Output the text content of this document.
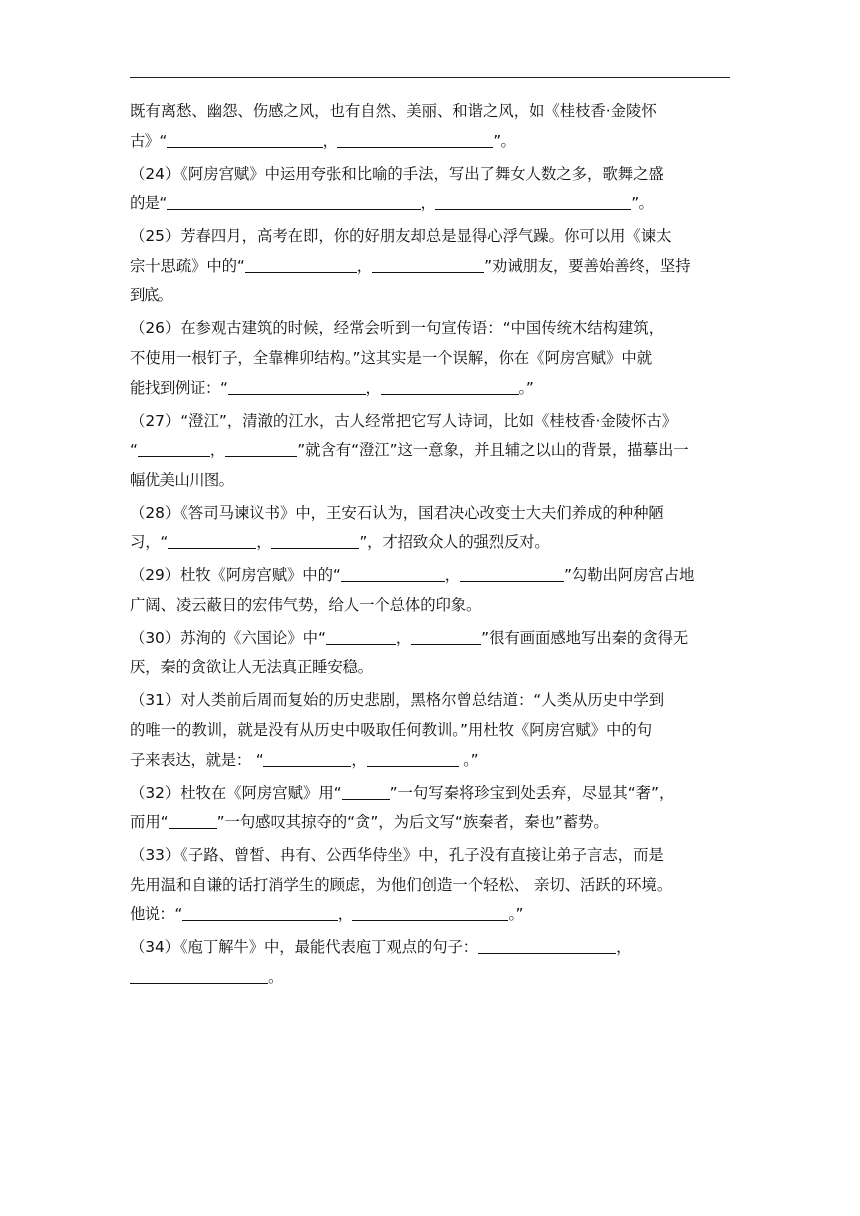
既有离愁、幽怨、伤感之风，也有自然、美丽、和谐之风，如《桂枝香·金陵怀
古》“	，	”。
（24）《阿房宫赋》中运用夸张和比喻的手法，写出了舞女人数之多，歌舞之盛
的是“	，	”。
（25）芳春四月，高考在即，你的好朋友却总是显得心浮气躁。你可以用《谏太
宗十思疏》中的“	，	”劝诫朋友，要善始善终，坚持
到底。
（26）在参观古建筑的时候，经常会听到一句宣传语：“中国传统木结构建筑，
不使用一根钉子，全靠榫卯结构。”这其实是一个误解，你在《阿房宫赋》中就
能找到例证：“	，	。”
（27）“澄江”，清澈的江水，古人经常把它写人诗词，比如《桂枝香·金陵怀古》
“	，	”就含有“澄江”这一意象，并且辅之以山的背景，描摹出一
幅优美山川图。
（28）《答司马谏议书》中，王安石认为，国君决心改变士大夫们养成的种种陋
习，“	，	”，才招致众人的强烈反对。
（29）杜牧《阿房宫赋》中的“	，	”勾勒出阿房宫占地
广阔、凌云蔽日的宏伟气势，给人一个总体的印象。
（30）苏洵的《六国论》中“	，	”很有画面感地写出秦的贪得无
厌，秦的贪欲让人无法真正睡安稳。
（31）对人类前后周而复始的历史悲剧，黑格尔曾总结道：“人类从历史中学到
的唯一的教训，就是没有从历史中吸取任何教训。”用杜牧《阿房宫赋》中的句
子来表达，就是： “	，	。”
（32）杜牧在《阿房宫赋》用“	”一句写秦将珍宝到处丢弃，尽显其“奢”，
而用“	”一句感叹其掠夺的“贪”，为后文写“族秦者，秦也”蓄势。
（33）《子路、曾皙、冉有、公西华侍坐》中，孔子没有直接让弟子言志，而是
先用温和自谦的话打消学生的顾虑，为他们创造一个轻松、 亲切、活跃的环境。
他说：“	，	。”
（34）《庖丁解牛》中，最能代表庖丁观点的句子：	，
。
